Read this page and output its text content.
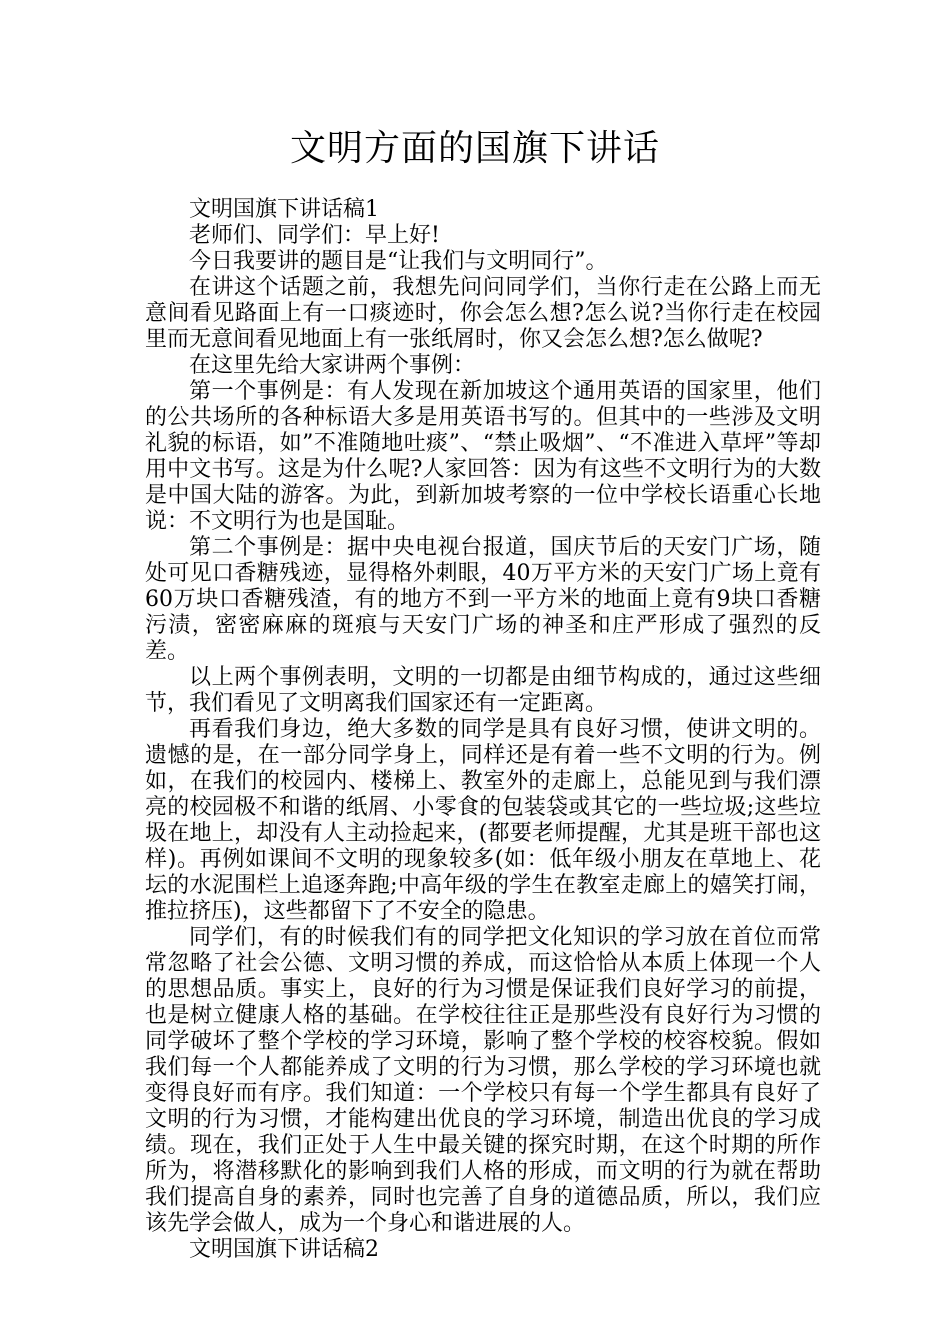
文明方面的国旗下讲话

文明国旗下讲话稿1

老师们、同学们：早上好!

今日我要讲的题目是“让我们与文明同行”。

在讲这个话题之前，我想先问问同学们，当你行走在公路上而无意间看见路面上有一口痰迹时，你会怎么想?怎么说?当你行走在校园里而无意间看见地面上有一张纸屑时，你又会怎么想?怎么做呢?

在这里先给大家讲两个事例：

第一个事例是：有人发现在新加坡这个通用英语的国家里，他们的公共场所的各种标语大多是用英语书写的。但其中的一些涉及文明礼貌的标语，如”不准随地吐痰”、“禁止吸烟”、“不准进入草坪”等却用中文书写。这是为什么呢?人家回答：因为有这些不文明行为的大数是中国大陆的游客。为此，到新加坡考察的一位中学校长语重心长地说：不文明行为也是国耻。

第二个事例是：据中央电视台报道，国庆节后的天安门广场，随处可见口香糖残迹，显得格外刺眼，40万平方米的天安门广场上竟有60万块口香糖残渣，有的地方不到一平方米的地面上竟有9块口香糖污渍，密密麻麻的斑痕与天安门广场的神圣和庄严形成了强烈的反差。

以上两个事例表明，文明的一切都是由细节构成的，通过这些细节，我们看见了文明离我们国家还有一定距离。

再看我们身边，绝大多数的同学是具有良好习惯，使讲文明的。遗憾的是，在一部分同学身上，同样还是有着一些不文明的行为。例如，在我们的校园内、楼梯上、教室外的走廊上，总能见到与我们漂亮的校园极不和谐的纸屑、小零食的包装袋或其它的一些垃圾;这些垃圾在地上，却没有人主动捡起来，(都要老师提醒，尤其是班干部也这样)。再例如课间不文明的现象较多(如：低年级小朋友在草地上、花坛的水泥围栏上追逐奔跑;中高年级的学生在教室走廊上的嬉笑打闹，推拉挤压)，这些都留下了不安全的隐患。

同学们，有的时候我们有的同学把文化知识的学习放在首位而常常忽略了社会公德、文明习惯的养成，而这恰恰从本质上体现一个人的思想品质。事实上，良好的行为习惯是保证我们良好学习的前提，也是树立健康人格的基础。在学校往往正是那些没有良好行为习惯的同学破坏了整个学校的学习环境，影响了整个学校的校容校貌。假如我们每一个人都能养成了文明的行为习惯，那么学校的学习环境也就变得良好而有序。我们知道：一个学校只有每一个学生都具有良好了文明的行为习惯，才能构建出优良的学习环境，制造出优良的学习成绩。现在，我们正处于人生中最关键的探究时期，在这个时期的所作所为，将潜移默化的影响到我们人格的形成，而文明的行为就在帮助我们提高自身的素养，同时也完善了自身的道德品质，所以，我们应该先学会做人，成为一个身心和谐进展的人。

文明国旗下讲话稿2
